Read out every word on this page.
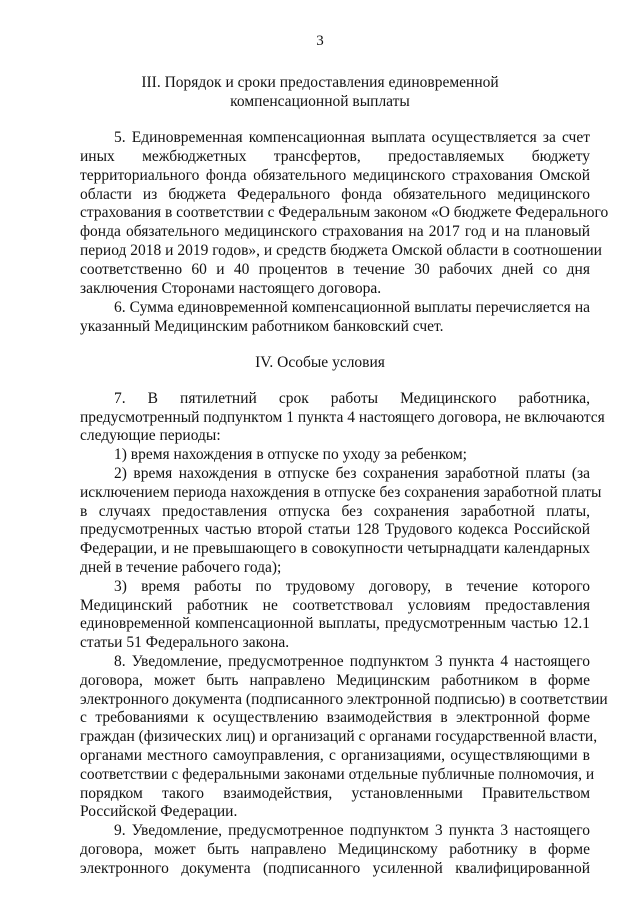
3
III. Порядок и сроки предоставления единовременной
компенсационной выплаты
5. Единовременная компенсационная выплата осуществляется за счет
иных межбюджетных трансфертов, предоставляемых бюджету
территориального фонда обязательного медицинского страхования Омской
области из бюджета Федерального фонда обязательного медицинского
страхования в соответствии с Федеральным законом «О бюджете Федерального
фонда обязательного медицинского страхования на 2017 год и на плановый
период 2018 и 2019 годов», и средств бюджета Омской области в соотношении
соответственно 60 и 40 процентов в течение 30 рабочих дней со дня
заключения Сторонами настоящего договора.
6. Сумма единовременной компенсационной выплаты перечисляется на
указанный Медицинским работником банковский счет.
IV. Особые условия
7. В пятилетний срок работы Медицинского работника,
предусмотренный подпунктом 1 пункта 4 настоящего договора, не включаются
следующие периоды:
1) время нахождения в отпуске по уходу за ребенком;
2) время нахождения в отпуске без сохранения заработной платы (за
исключением периода нахождения в отпуске без сохранения заработной платы
в случаях предоставления отпуска без сохранения заработной платы,
предусмотренных частью второй статьи 128 Трудового кодекса Российской
Федерации, и не превышающего в совокупности четырнадцати календарных
дней в течение рабочего года);
3) время работы по трудовому договору, в течение которого
Медицинский работник не соответствовал условиям предоставления
единовременной компенсационной выплаты, предусмотренным частью 12.1
статьи 51 Федерального закона.
8. Уведомление, предусмотренное подпунктом 3 пункта 4 настоящего
договора, может быть направлено Медицинским работником в форме
электронного документа (подписанного электронной подписью) в соответствии
с требованиями к осуществлению взаимодействия в электронной форме
граждан (физических лиц) и организаций с органами государственной власти,
органами местного самоуправления, с организациями, осуществляющими в
соответствии с федеральными законами отдельные публичные полномочия, и
порядком такого взаимодействия, установленными Правительством
Российской Федерации.
9. Уведомление, предусмотренное подпунктом 3 пункта 3 настоящего
договора, может быть направлено Медицинскому работнику в форме
электронного документа (подписанного усиленной квалифицированной
